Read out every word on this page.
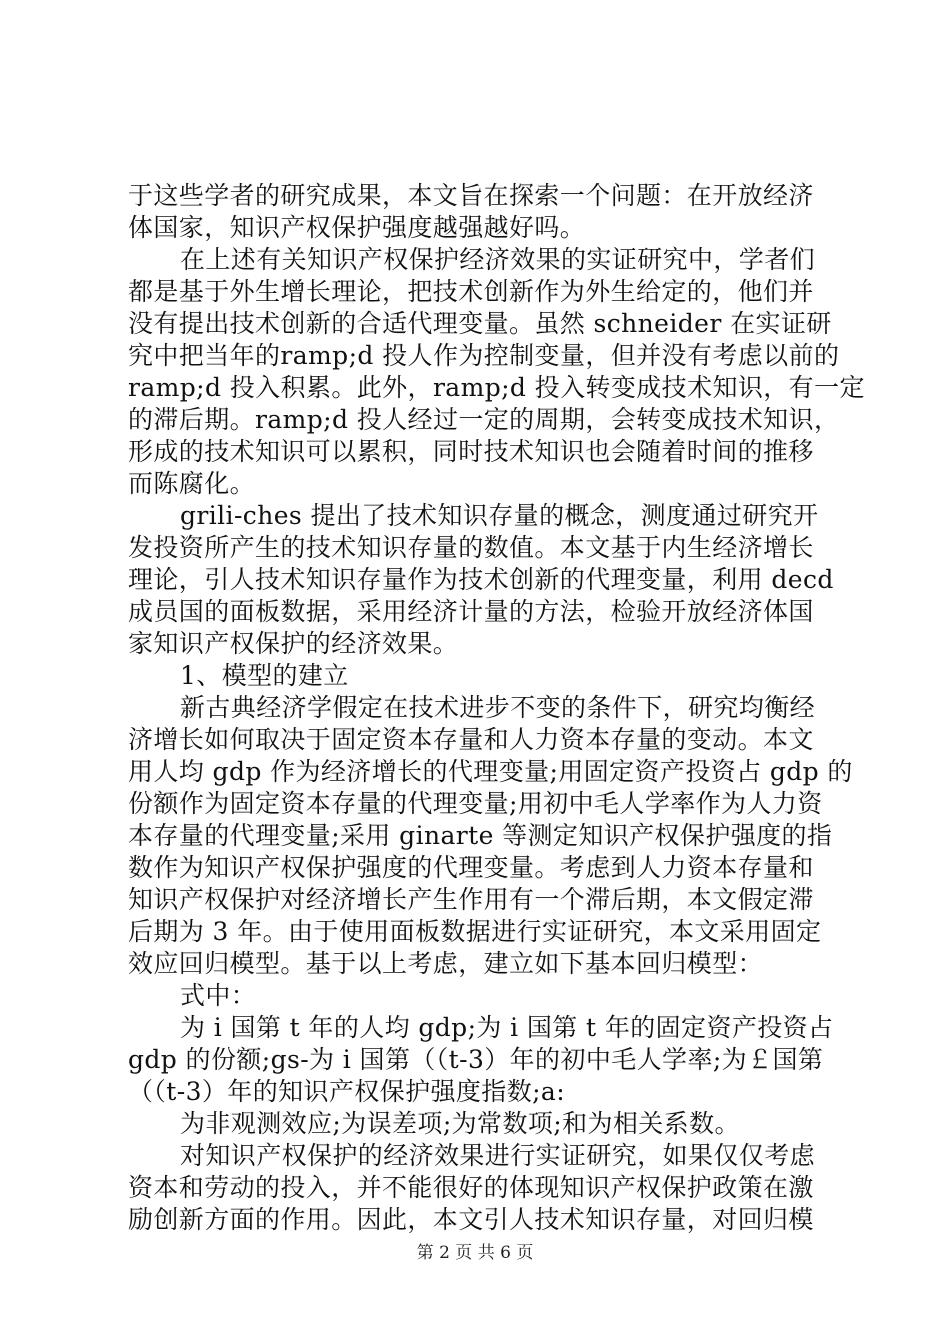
于这些学者的研究成果，本文旨在探索一个问题：在开放经济
体国家，知识产权保护强度越强越好吗。
在上述有关知识产权保护经济效果的实证研究中，学者们
都是基于外生增长理论，把技术创新作为外生给定的，他们并
没有提出技术创新的合适代理变量。虽然 schneider 在实证研
究中把当年的ramp;d 投人作为控制变量，但并没有考虑以前的
ramp;d 投入积累。此外，ramp;d 投入转变成技术知识，有一定
的滞后期。ramp;d 投人经过一定的周期，会转变成技术知识，
形成的技术知识可以累积，同时技术知识也会随着时间的推移
而陈腐化。
grili-ches 提出了技术知识存量的概念，测度通过研究开
发投资所产生的技术知识存量的数值。本文基于内生经济增长
理论，引人技术知识存量作为技术创新的代理变量，利用 decd
成员国的面板数据，采用经济计量的方法，检验开放经济体国
家知识产权保护的经济效果。
1、模型的建立
新古典经济学假定在技术进步不变的条件下，研究均衡经
济增长如何取决于固定资本存量和人力资本存量的变动。本文
用人均 gdp 作为经济增长的代理变量;用固定资产投资占 gdp 的
份额作为固定资本存量的代理变量;用初中毛人学率作为人力资
本存量的代理变量;采用 ginarte 等测定知识产权保护强度的指
数作为知识产权保护强度的代理变量。考虑到人力资本存量和
知识产权保护对经济增长产生作用有一个滞后期，本文假定滞
后期为 3 年。由于使用面板数据进行实证研究，本文采用固定
效应回归模型。基于以上考虑，建立如下基本回归模型：
式中：
为 i 国第 t 年的人均 gdp;为 i 国第 t 年的固定资产投资占
gdp 的份额;gs-为 i 国第（（t-3）年的初中毛人学率;为￡国第
（（t-3）年的知识产权保护强度指数;a:
为非观测效应;为误差项;为常数项;和为相关系数。
对知识产权保护的经济效果进行实证研究，如果仅仅考虑
资本和劳动的投入，并不能很好的体现知识产权保护政策在激
励创新方面的作用。因此，本文引人技术知识存量，对回归模
第 2 页 共 6 页
